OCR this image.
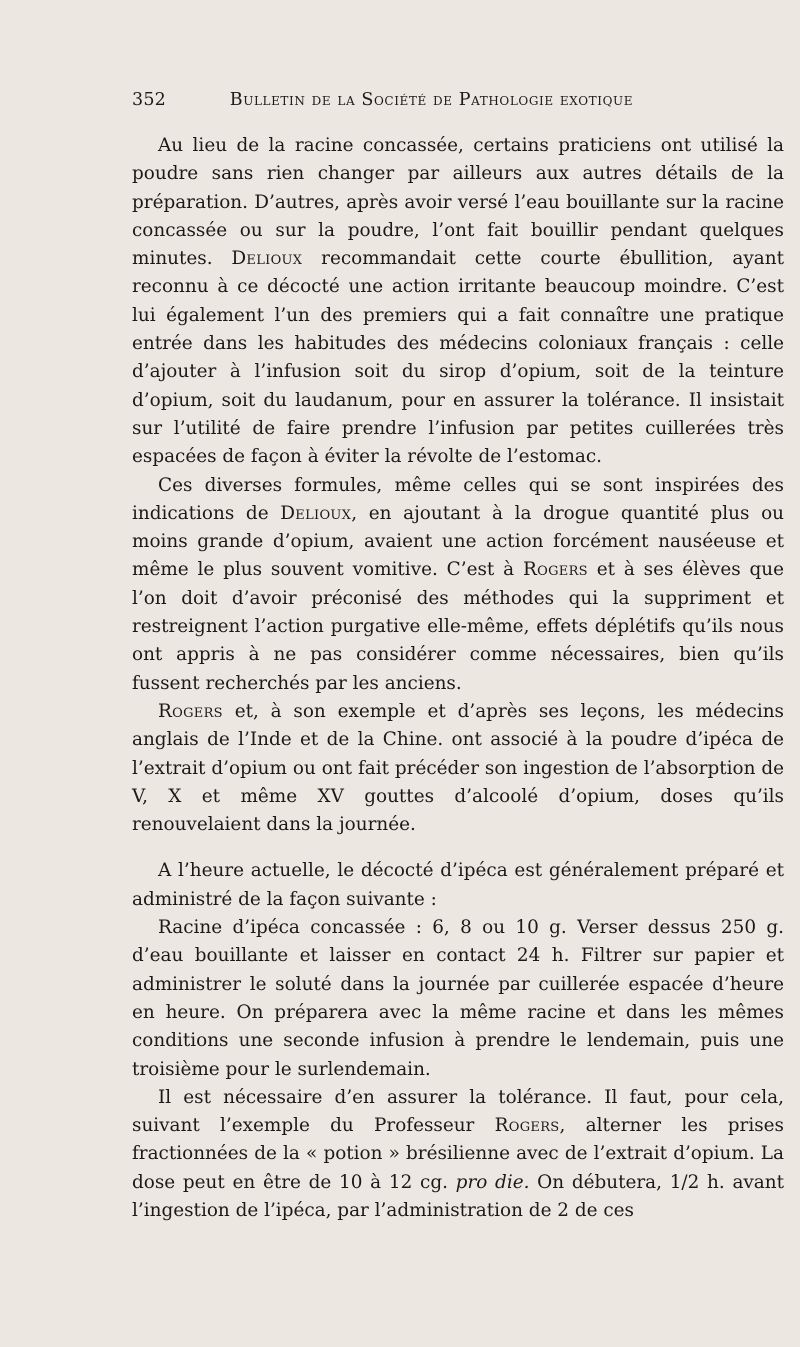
352	Bulletin de la Société de Pathologie exotique

Au lieu de la racine concassée, certains praticiens ont utilisé la poudre sans rien changer par ailleurs aux autres détails de la préparation. D’autres, après avoir versé l’eau bouillante sur la racine concassée ou sur la poudre, l’ont fait bouillir pendant quelques minutes. Delioux recommandait cette courte ébullition, ayant reconnu à ce décocté une action irritante beaucoup moindre. C’est lui également l’un des premiers qui a fait connaître une pratique entrée dans les habitudes des médecins coloniaux français : celle d’ajouter à l’infusion soit du sirop d’opium, soit de la teinture d’opium, soit du laudanum, pour en assurer la tolérance. Il insistait sur l’utilité de faire prendre l’infusion par petites cuillerées très espacées de façon à éviter la révolte de l’estomac.

Ces diverses formules, même celles qui se sont inspirées des indications de Delioux, en ajoutant à la drogue quantité plus ou moins grande d’opium, avaient une action forcément nauséeuse et même le plus souvent vomitive. C’est à Rogers et à ses élèves que l’on doit d’avoir préconisé des méthodes qui la suppriment et restreignent l’action purgative elle-même, effets déplétifs qu’ils nous ont appris à ne pas considérer comme nécessaires, bien qu’ils fussent recherchés par les anciens.

Rogers et, à son exemple et d’après ses leçons, les médecins anglais de l’Inde et de la Chine. ont associé à la poudre d’ipéca de l’extrait d’opium ou ont fait précéder son ingestion de l’absorption de V, X et même XV gouttes d’alcoolé d’opium, doses qu’ils renouvelaient dans la journée.

A l’heure actuelle, le décocté d’ipéca est généralement préparé et administré de la façon suivante :

Racine d’ipéca concassée : 6, 8 ou 10 g. Verser dessus 250 g. d’eau bouillante et laisser en contact 24 h. Filtrer sur papier et administrer le soluté dans la journée par cuillerée espacée d’heure en heure. On préparera avec la même racine et dans les mêmes conditions une seconde infusion à prendre le lendemain, puis une troisième pour le surlendemain.

Il est nécessaire d’en assurer la tolérance. Il faut, pour cela, suivant l’exemple du Professeur Rogers, alterner les prises fractionnées de la « potion » brésilienne avec de l’extrait d’opium. La dose peut en être de 10 à 12 cg. pro die. On débutera, 1/2 h. avant l’ingestion de l’ipéca, par l’administration de 2 de ces
